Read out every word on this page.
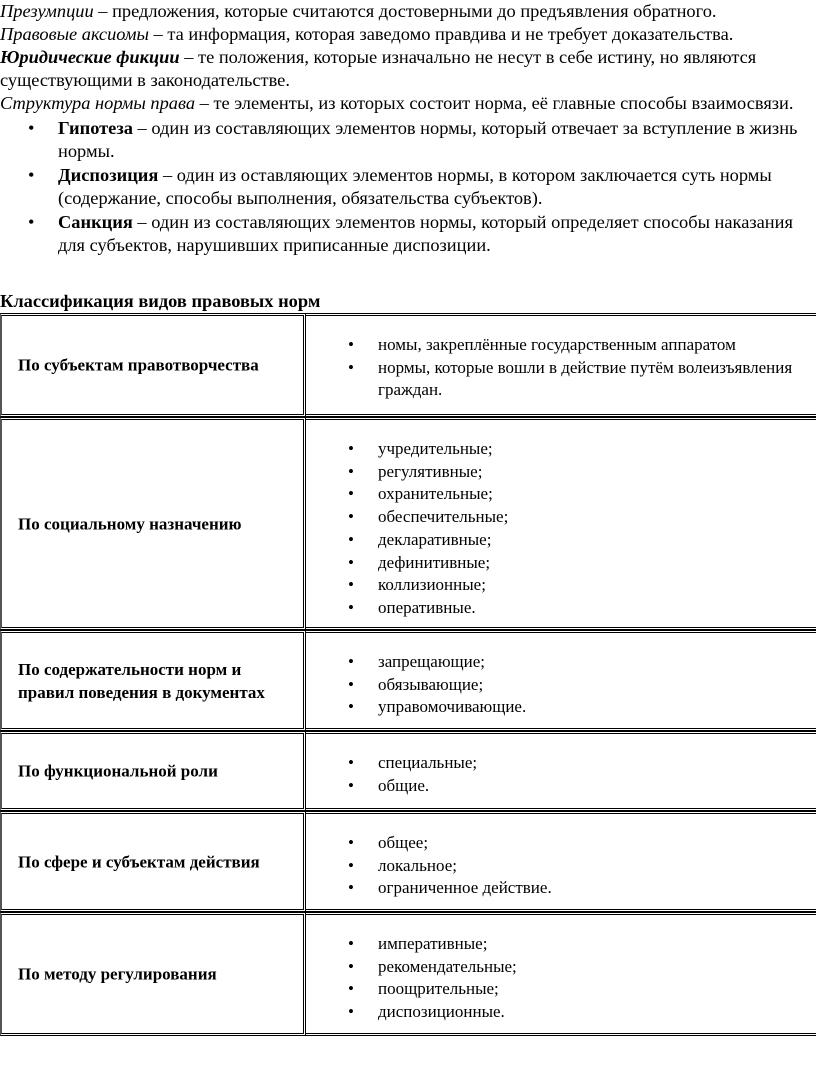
Презумпции – предложения, которые считаются достоверными до предъявления обратного.

Правовые аксиомы – та информация, которая заведомо правдива и не требует доказательства. Юридические фикции – те положения, которые изначально не несут в себе истину, но являются существующими в законодательстве.

Структура нормы права – те элементы, из которых состоит норма, её главные способы взаимосвязи.

• Гипотеза – один из составляющих элементов нормы, который отвечает за вступление в жизнь нормы.
• Диспозиция – один из оставляющих элементов нормы, в котором заключается суть нормы (содержание, способы выполнения, обязательства субъектов).
• Санкция – один из составляющих элементов нормы, который определяет способы наказания для субъектов, нарушивших приписанные диспозиции.
Классификация видов правовых норм
По субъектам правотворчества
• номы, закреплённые государственным аппаратом
• нормы, которые вошли в действие путём волеизъявления граждан.
По социальному назначению
• учредительные;
• регулятивные;
• охранительные;
• обеспечительные;
• декларативные;
• дефинитивные;
• коллизионные;
• оперативные.
По содержательности норм и правил поведения в документах
• запрещающие;
• обязывающие;
• управомочивающие.
По функциональной роли
•	специальные;
• общие.
По сфере и субъектам действия
• общее;
• локальное;
• ограниченное действие.
По методу регулирования
• императивные;
• рекомендательные;
• поощрительные;
• диспозиционные.
